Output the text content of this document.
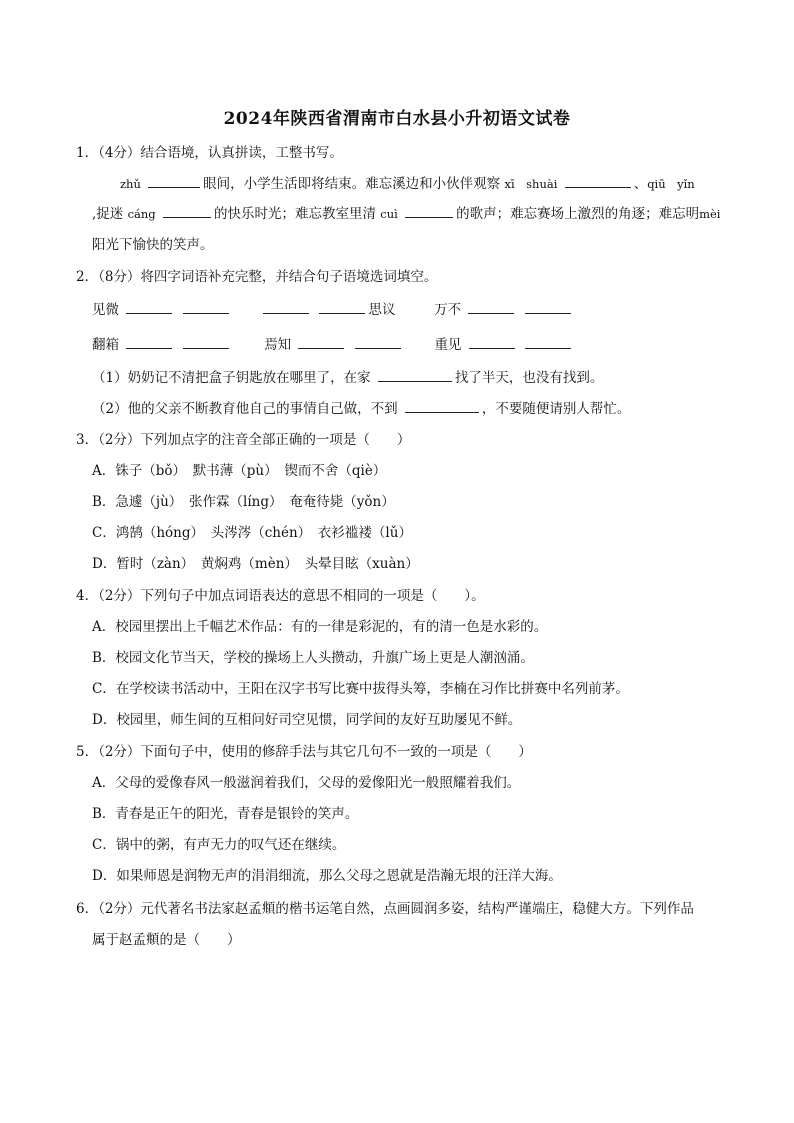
2024年陕西省渭南市白水县小升初语文试卷
1．（4分）结合语境，认真拼读，工整书写。
zhǔ	眼间，小学生活即将结束。难忘溪边和小伙伴观察 xī　shuài	、qiū　yǐn
,捉迷 cáng	的快乐时光；难忘教室里清 cuì	的歌声；难忘赛场上激烈的角逐；难忘明mèi
阳光下愉快的笑声。
2．（8分）将四字词语补充完整，并结合句子语境选词填空。
见微	思议	万不
翻箱	焉知	重见
（1）奶奶记不清把盒子钥匙放在哪里了，在家	找了半天，也没有找到。
（2）他的父亲不断教育他自己的事情自己做，不到	，不要随便请别人帮忙。
3．（2分）下列加点字的注音全部正确的一项是（　　）
A．铢子（bǒ）　默书薄（pù）　锲而不舍（qiè）
B．急遽（jù）　张作霖（líng）　奄奄待毙（yǒn）
C．鸿鹄（hóng）　头涔涔（chén）　衣衫褴褛（lǔ）
D．暂时（zàn）　黄焖鸡（mèn）　头晕目眩（xuàn）
4．（2分）下列句子中加点词语表达的意思不相同的一项是（　　）。
A．校园里摆出上千幅艺术作品：有的一律是彩泥的，有的清一色是水彩的。
B．校园文化节当天，学校的操场上人头攒动，升旗广场上更是人潮汹涌。
C．在学校读书活动中，王阳在汉字书写比赛中拔得头筹，李楠在习作比拼赛中名列前茅。
D．校园里，师生间的互相问好司空见惯，同学间的友好互助屡见不鲜。
5．（2分）下面句子中，使用的修辞手法与其它几句不一致的一项是（　　）
A．父母的爱像春风一般滋润着我们，父母的爱像阳光一般照耀着我们。
B．青春是正午的阳光，青春是银铃的笑声。
C．锅中的粥，有声无力的叹气还在继续。
D．如果师恩是润物无声的涓涓细流，那么父母之恩就是浩瀚无垠的汪洋大海。
6．（2分）元代著名书法家赵孟頫的楷书运笔自然，点画圆润多姿，结构严谨端庄，稳健大方。下列作品
属于赵孟頫的是（　　）
